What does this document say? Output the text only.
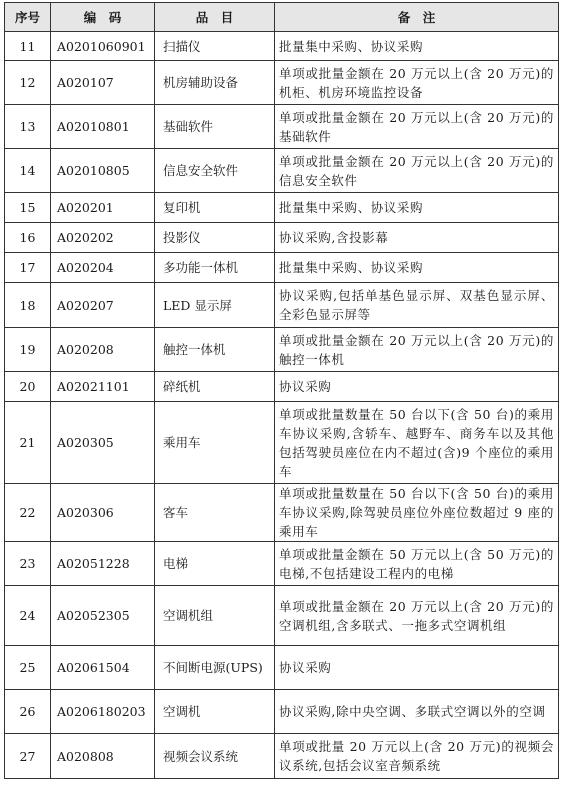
序号	编　码	品　目	备　注
11	A0201060901	扫描仪	批量集中采购、协议采购
12	A020107	机房辅助设备	单项或批量金额在 20 万元以上(含 20 万元)的机柜、机房环境监控设备
13	A02010801	基础软件	单项或批量金额在 20 万元以上(含 20 万元)的基础软件
14	A02010805	信息安全软件	单项或批量金额在 20 万元以上(含 20 万元)的信息安全软件
15	A020201	复印机	批量集中采购、协议采购
16	A020202	投影仪	协议采购,含投影幕
17	A020204	多功能一体机	批量集中采购、协议采购
18	A020207	LED 显示屏	协议采购,包括单基色显示屏、双基色显示屏、全彩色显示屏等
19	A020208	触控一体机	单项或批量金额在 20 万元以上(含 20 万元)的触控一体机
20	A02021101	碎纸机	协议采购
21	A020305	乘用车	单项或批量数量在 50 台以下(含 50 台)的乘用车协议采购,含轿车、越野车、商务车以及其他包括驾驶员座位在内不超过(含)9 个座位的乘用车
22	A020306	客车	单项或批量数量在 50 台以下(含 50 台)的乘用车协议采购,除驾驶员座位外座位数超过 9 座的乘用车
23	A02051228	电梯	单项或批量金额在 50 万元以上(含 50 万元)的电梯,不包括建设工程内的电梯
24	A02052305	空调机组	单项或批量金额在 20 万元以上(含 20 万元)的空调机组,含多联式、一拖多式空调机组
25	A02061504	不间断电源(UPS)	协议采购
26	A0206180203	空调机	协议采购,除中央空调、多联式空调以外的空调
27	A020808	视频会议系统	单项或批量 20 万元以上(含 20 万元)的视频会议系统,包括会议室音频系统
